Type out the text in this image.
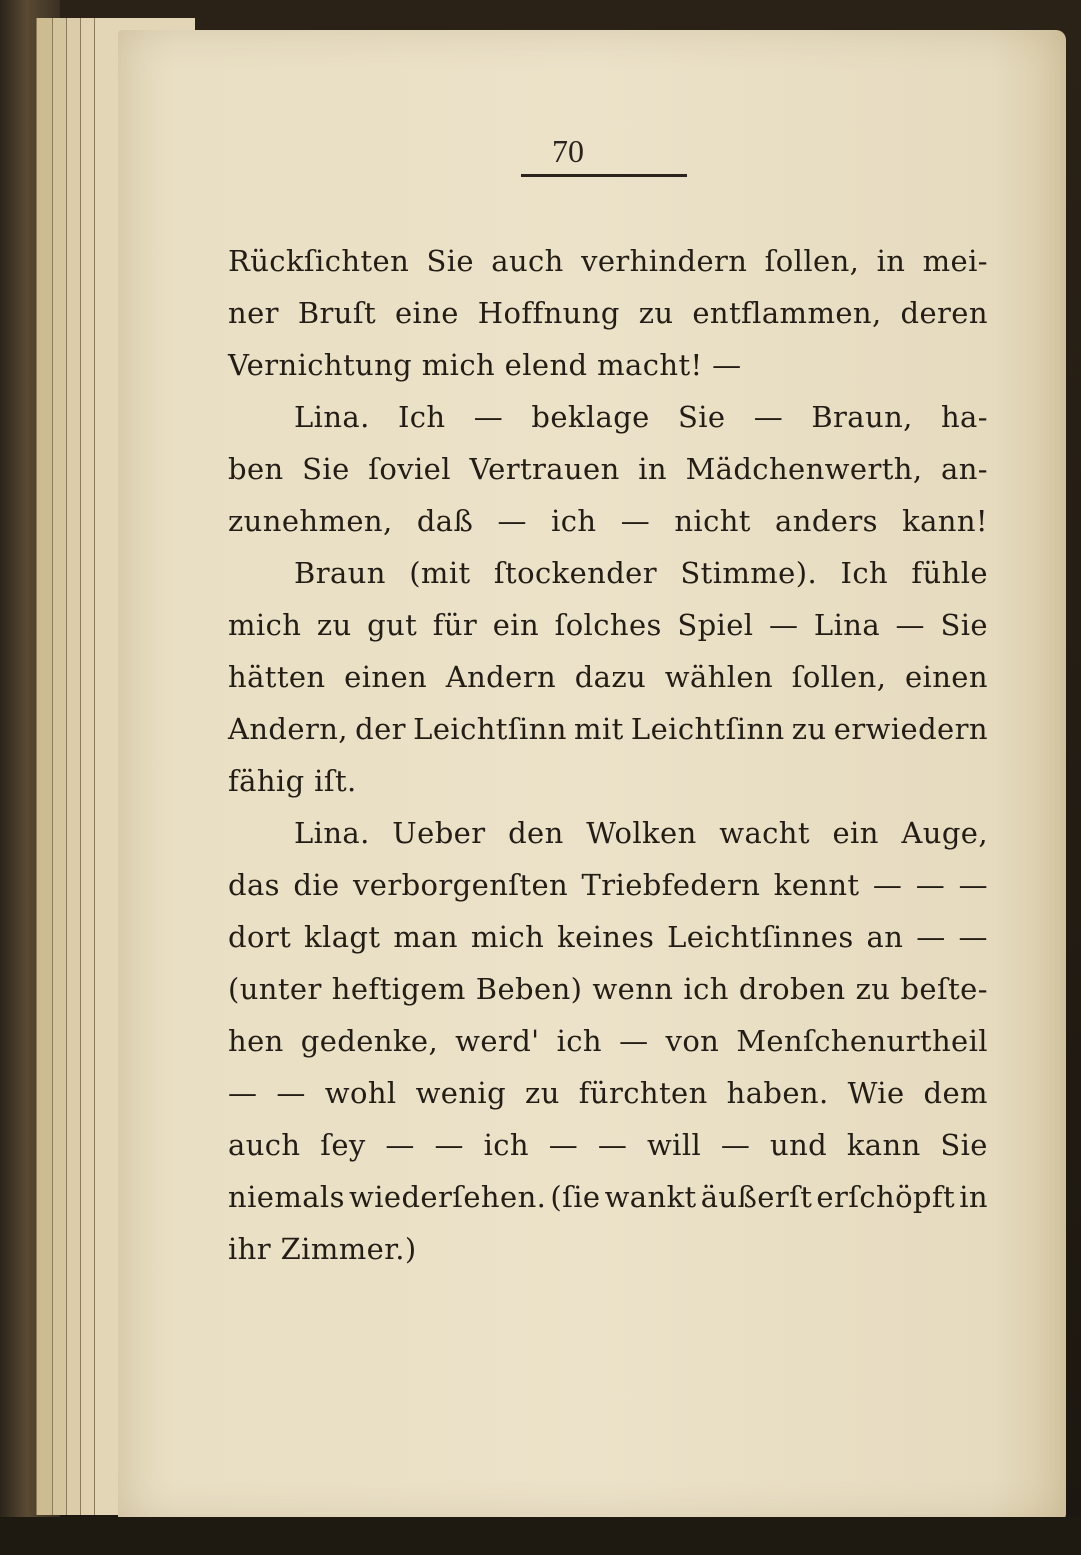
70
Rückſichten Sie auch verhindern ſollen, in mei-
ner Bruſt eine Hoffnung zu entflammen, deren
Vernichtung mich elend macht! —
Lina. Ich — beklage Sie — Braun, ha-
ben Sie ſoviel Vertrauen in Mädchenwerth, an-
zunehmen, daß — ich — nicht anders kann!
Braun (mit ſtockender Stimme). Ich fühle
mich zu gut für ein ſolches Spiel — Lina — Sie
hätten einen Andern dazu wählen ſollen, einen
Andern, der Leichtſinn mit Leichtſinn zu erwiedern
fähig iſt.
Lina. Ueber den Wolken wacht ein Auge,
das die verborgenſten Triebfedern kennt — — —
dort klagt man mich keines Leichtſinnes an — —
(unter heftigem Beben) wenn ich droben zu beſte-
hen gedenke, werd' ich — von Menſchenurtheil
— — wohl wenig zu fürchten haben. Wie dem
auch ſey — — ich — — will — und kann Sie
niemals wiederſehen. (ſie wankt äußerſt erſchöpft in
ihr Zimmer.)
